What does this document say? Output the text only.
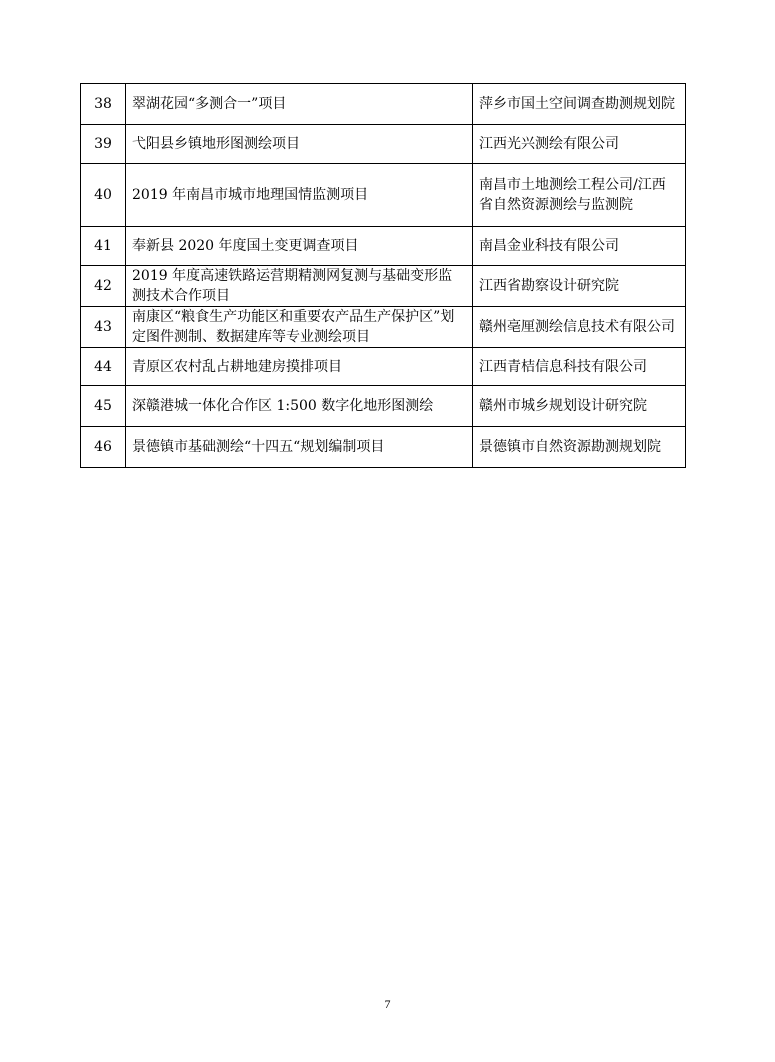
38	翠湖花园“多测合一”项目	萍乡市国土空间调查勘测规划院
39	弋阳县乡镇地形图测绘项目	江西光兴测绘有限公司
40	2019 年南昌市城市地理国情监测项目	南昌市土地测绘工程公司/江西省自然资源测绘与监测院
41	奉新县 2020 年度国土变更调查项目	南昌金业科技有限公司
42	2019 年度高速铁路运营期精测网复测与基础变形监测技术合作项目	江西省勘察设计研究院
43	南康区“粮食生产功能区和重要农产品生产保护区”划定图件测制、数据建库等专业测绘项目	赣州亳厘测绘信息技术有限公司
44	青原区农村乱占耕地建房摸排项目	江西青桔信息科技有限公司
45	深赣港城一体化合作区 1:500 数字化地形图测绘	赣州市城乡规划设计研究院
46	景德镇市基础测绘“十四五“规划编制项目	景德镇市自然资源勘测规划院
7
